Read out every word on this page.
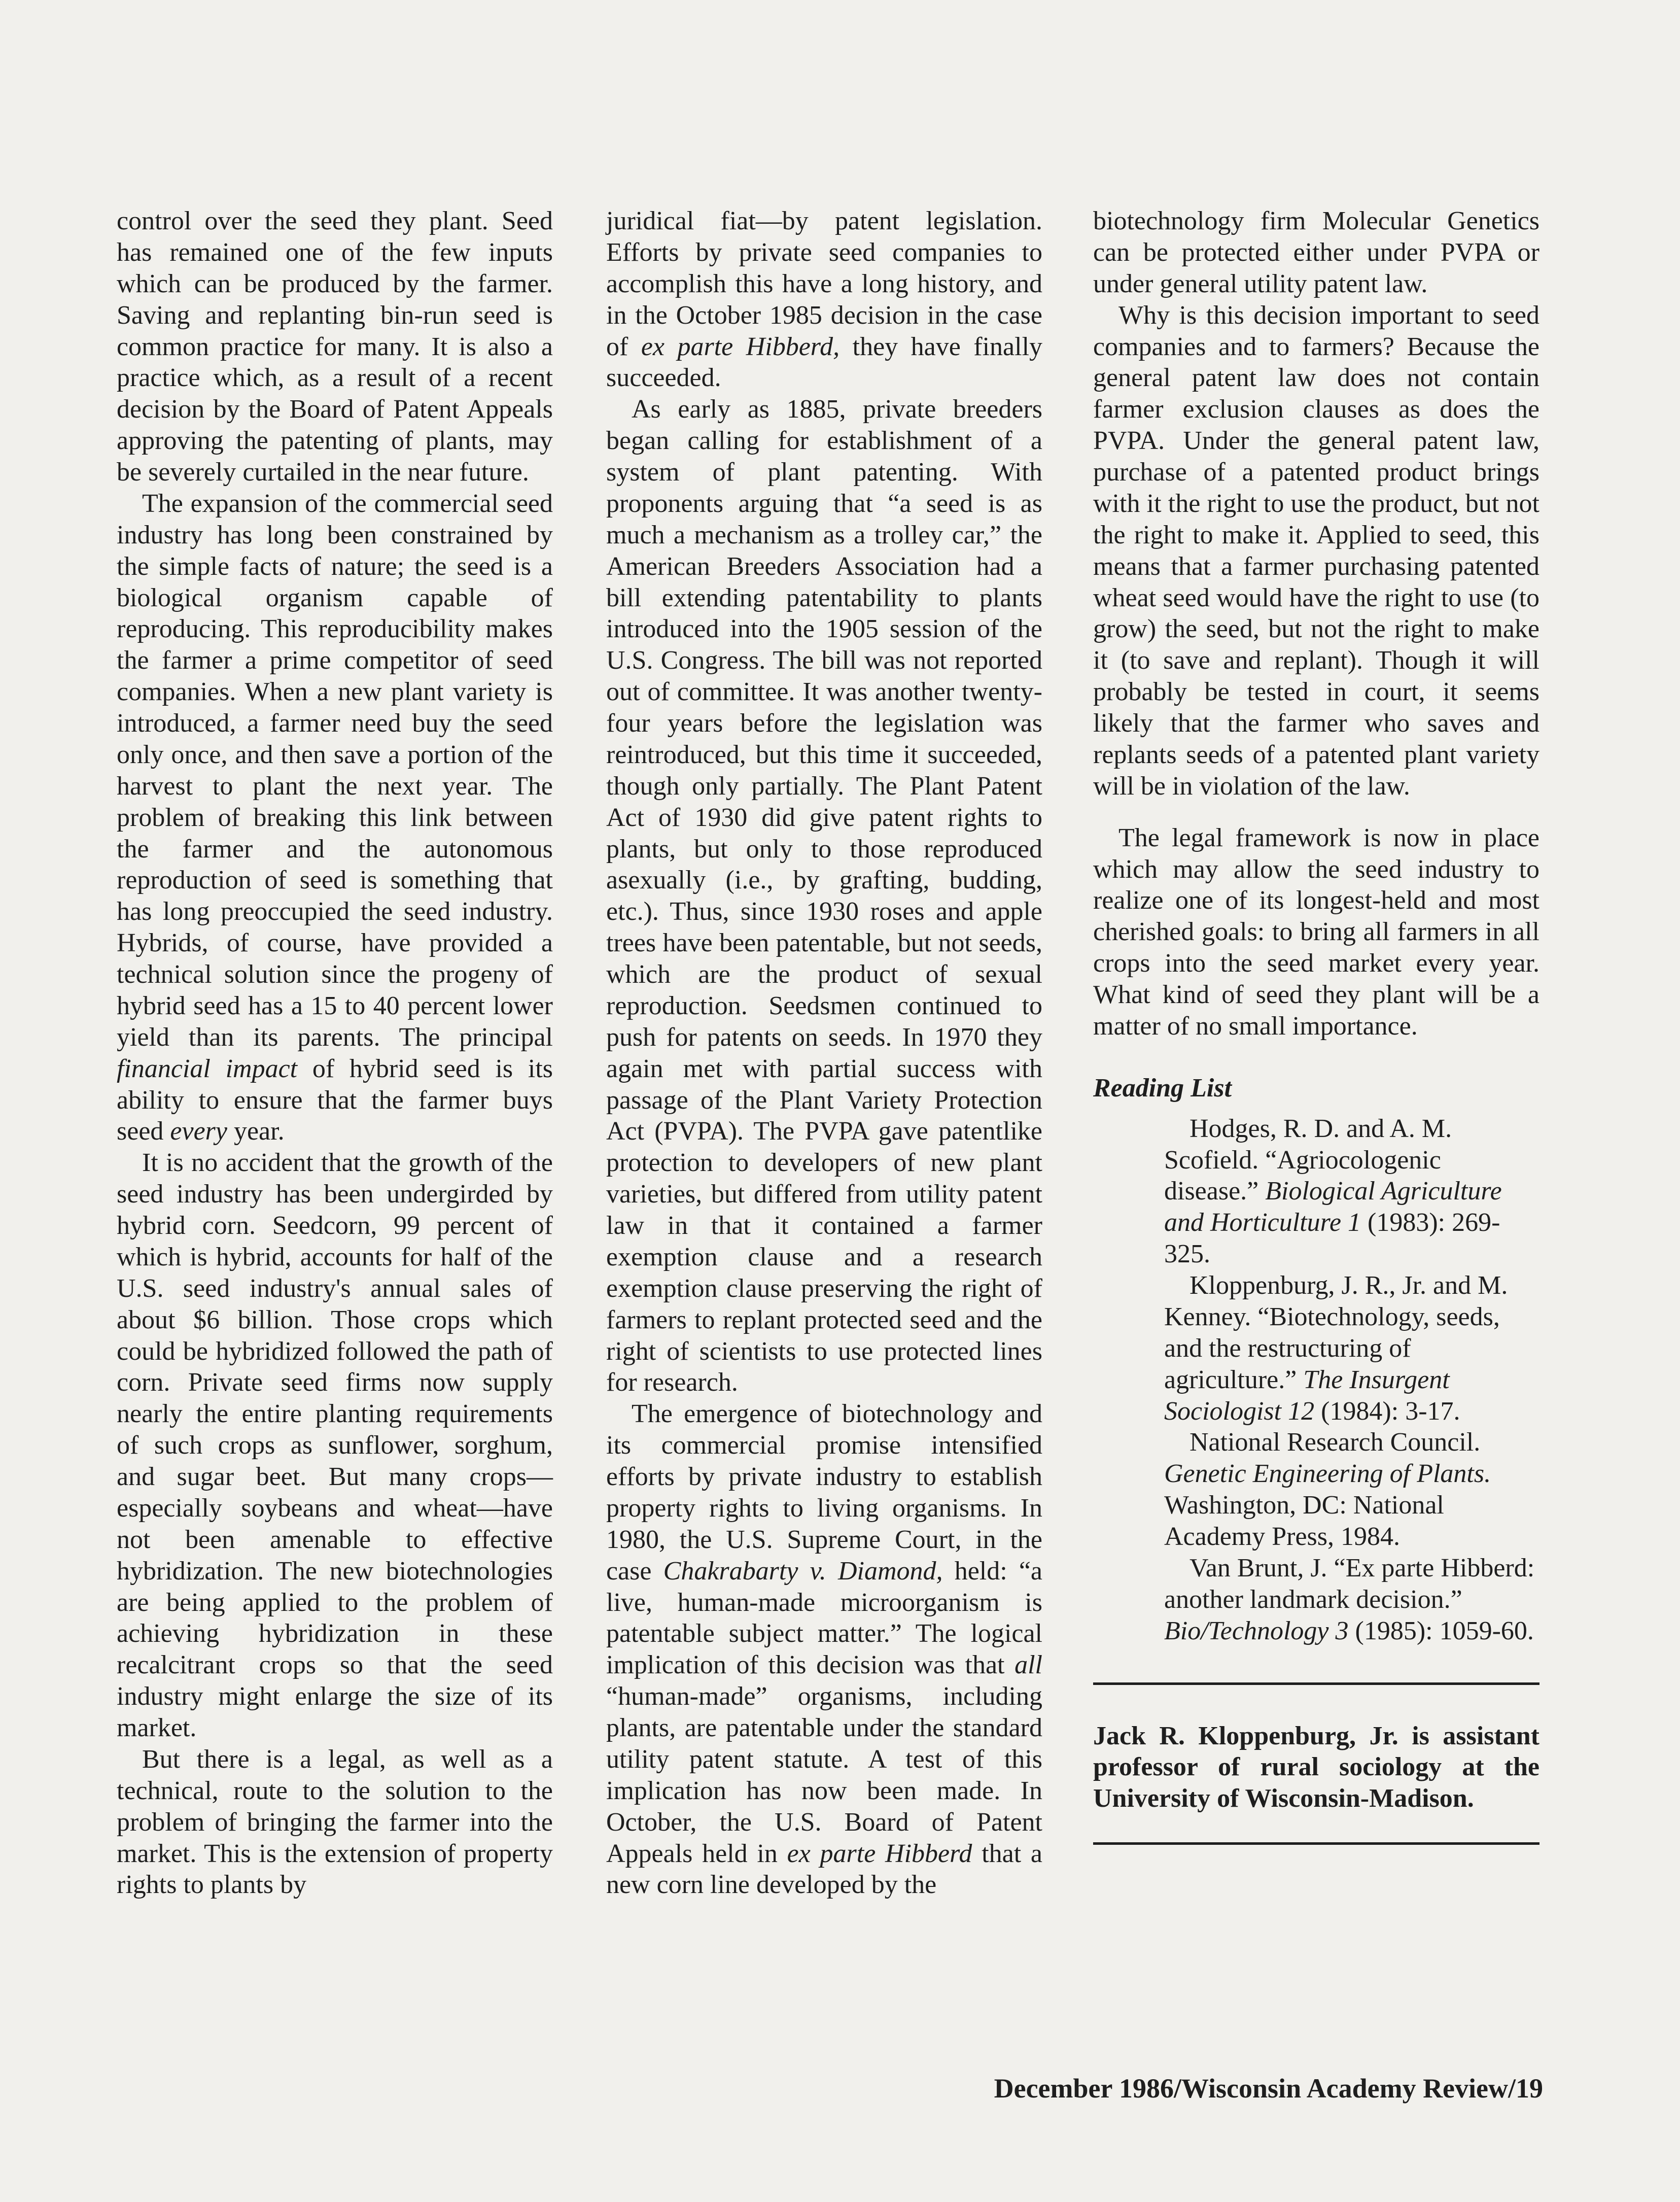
control over the seed they plant. Seed has remained one of the few inputs which can be produced by the farmer. Saving and replanting bin-run seed is common practice for many. It is also a practice which, as a result of a recent decision by the Board of Patent Appeals approving the patenting of plants, may be severely curtailed in the near future.

The expansion of the commercial seed industry has long been constrained by the simple facts of nature; the seed is a biological organism capable of reproducing. This reproducibility makes the farmer a prime competitor of seed companies. When a new plant variety is introduced, a farmer need buy the seed only once, and then save a portion of the harvest to plant the next year. The problem of breaking this link between the farmer and the autonomous reproduction of seed is something that has long preoccupied the seed industry. Hybrids, of course, have provided a technical solution since the progeny of hybrid seed has a 15 to 40 percent lower yield than its parents. The principal financial impact of hybrid seed is its ability to ensure that the farmer buys seed every year.

It is no accident that the growth of the seed industry has been undergirded by hybrid corn. Seedcorn, 99 percent of which is hybrid, accounts for half of the U.S. seed industry's annual sales of about $6 billion. Those crops which could be hybridized followed the path of corn. Private seed firms now supply nearly the entire planting requirements of such crops as sunflower, sorghum, and sugar beet. But many crops—especially soybeans and wheat—have not been amenable to effective hybridization. The new biotechnologies are being applied to the problem of achieving hybridization in these recalcitrant crops so that the seed industry might enlarge the size of its market.

But there is a legal, as well as a technical, route to the solution to the problem of bringing the farmer into the market. This is the extension of property rights to plants by

juridical fiat—by patent legislation. Efforts by private seed companies to accomplish this have a long history, and in the October 1985 decision in the case of ex parte Hibberd, they have finally succeeded.

As early as 1885, private breeders began calling for establishment of a system of plant patenting. With proponents arguing that “a seed is as much a mechanism as a trolley car,” the American Breeders Association had a bill extending patentability to plants introduced into the 1905 session of the U.S. Congress. The bill was not reported out of committee. It was another twenty-four years before the legislation was reintroduced, but this time it succeeded, though only partially. The Plant Patent Act of 1930 did give patent rights to plants, but only to those reproduced asexually (i.e., by grafting, budding, etc.). Thus, since 1930 roses and apple trees have been patentable, but not seeds, which are the product of sexual reproduction. Seedsmen continued to push for patents on seeds. In 1970 they again met with partial success with passage of the Plant Variety Protection Act (PVPA). The PVPA gave patentlike protection to developers of new plant varieties, but differed from utility patent law in that it contained a farmer exemption clause and a research exemption clause preserving the right of farmers to replant protected seed and the right of scientists to use protected lines for research.

The emergence of biotechnology and its commercial promise intensified efforts by private industry to establish property rights to living organisms. In 1980, the U.S. Supreme Court, in the case Chakrabarty v. Diamond, held: “a live, human-made microorganism is patentable subject matter.” The logical implication of this decision was that all “human-made” organisms, including plants, are patentable under the standard utility patent statute. A test of this implication has now been made. In October, the U.S. Board of Patent Appeals held in ex parte Hibberd that a new corn line developed by the

biotechnology firm Molecular Genetics can be protected either under PVPA or under general utility patent law.

Why is this decision important to seed companies and to farmers? Because the general patent law does not contain farmer exclusion clauses as does the PVPA. Under the general patent law, purchase of a patented product brings with it the right to use the product, but not the right to make it. Applied to seed, this means that a farmer purchasing patented wheat seed would have the right to use (to grow) the seed, but not the right to make it (to save and replant). Though it will probably be tested in court, it seems likely that the farmer who saves and replants seeds of a patented plant variety will be in violation of the law.

The legal framework is now in place which may allow the seed industry to realize one of its longest-held and most cherished goals: to bring all farmers in all crops into the seed market every year. What kind of seed they plant will be a matter of no small importance.

Reading List

Hodges, R. D. and A. M. Scofield. “Agriocologenic disease.” Biological Agriculture and Horticulture 1 (1983): 269-325.

Kloppenburg, J. R., Jr. and M. Kenney. “Biotechnology, seeds, and the restructuring of agriculture.” The Insurgent Sociologist 12 (1984): 3-17.

National Research Council. Genetic Engineering of Plants. Washington, DC: National Academy Press, 1984.

Van Brunt, J. “Ex parte Hibberd: another landmark decision.” Bio/Technology 3 (1985): 1059-60.

Jack R. Kloppenburg, Jr. is assistant professor of rural sociology at the University of Wisconsin-Madison.
December 1986/Wisconsin Academy Review/19
